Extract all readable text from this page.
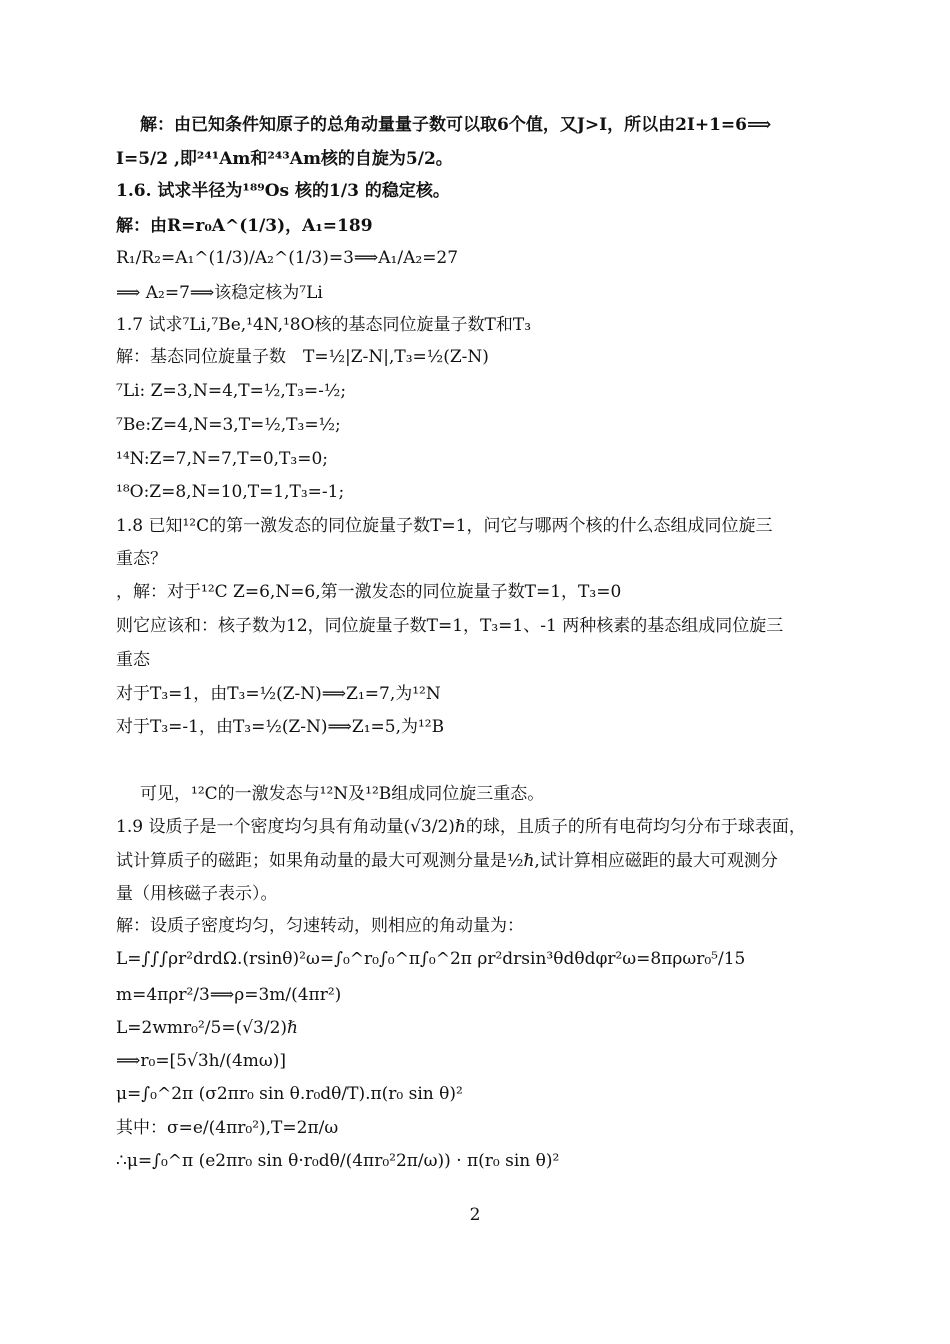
解：由已知条件知原子的总角动量量子数可以取6个值，又J>I，所以由2I+1=6⟹
I=5/2 ,即²⁴¹Am和²⁴³Am核的自旋为5/2。
1.6. 试求半径为¹⁸⁹Os 核的1/3 的稳定核。
解：由R=r₀A^(1/3)，A₁=189
R₁/R₂=A₁^(1/3)/A₂^(1/3)=3⟹A₁/A₂=27
⟹ A₂=7⟹该稳定核为⁷Li
1.7 试求⁷Li,⁷Be,¹4N,¹8O核的基态同位旋量子数T和T₃
解：基态同位旋量子数　T=½|Z-N|,T₃=½(Z-N)
⁷Li: Z=3,N=4,T=½,T₃=-½;
⁷Be:Z=4,N=3,T=½,T₃=½;
¹⁴N:Z=7,N=7,T=0,T₃=0;
¹⁸O:Z=8,N=10,T=1,T₃=-1;
1.8 已知¹²C的第一激发态的同位旋量子数T=1，问它与哪两个核的什么态组成同位旋三
重态？
，解：对于¹²C Z=6,N=6,第一激发态的同位旋量子数T=1，T₃=0
则它应该和：核子数为12，同位旋量子数T=1，T₃=1、-1 两种核素的基态组成同位旋三
重态
对于T₃=1，由T₃=½(Z-N)⟹Z₁=7,为¹²N
对于T₃=-1，由T₃=½(Z-N)⟹Z₁=5,为¹²B
可见，¹²C的一激发态与¹²N及¹²B组成同位旋三重态。
1.9 设质子是一个密度均匀具有角动量(√3/2)ℏ的球，且质子的所有电荷均匀分布于球表面，
试计算质子的磁距；如果角动量的最大可观测分量是½ℏ,试计算相应磁距的最大可观测分
量（用核磁子表示）。
解：设质子密度均匀，匀速转动，则相应的角动量为：
L=∫∫∫ρr²drdΩ.(rsinθ)²ω=∫₀^r₀∫₀^π∫₀^2π ρr²drsin³θdθdφr²ω=8πρωr₀⁵/15
m=4πρr²/3⟹ρ=3m/(4πr²)
L=2wmr₀²/5=(√3/2)ℏ
⟹r₀=[5√3h/(4mω)]
μ=∫₀^2π (σ2πr₀ sin θ.r₀dθ/T).π(r₀ sin θ)²
其中：σ=e/(4πr₀²),T=2π/ω
∴μ=∫₀^π (e2πr₀ sin θ·r₀dθ/(4πr₀²2π/ω)) · π(r₀ sin θ)²
2
